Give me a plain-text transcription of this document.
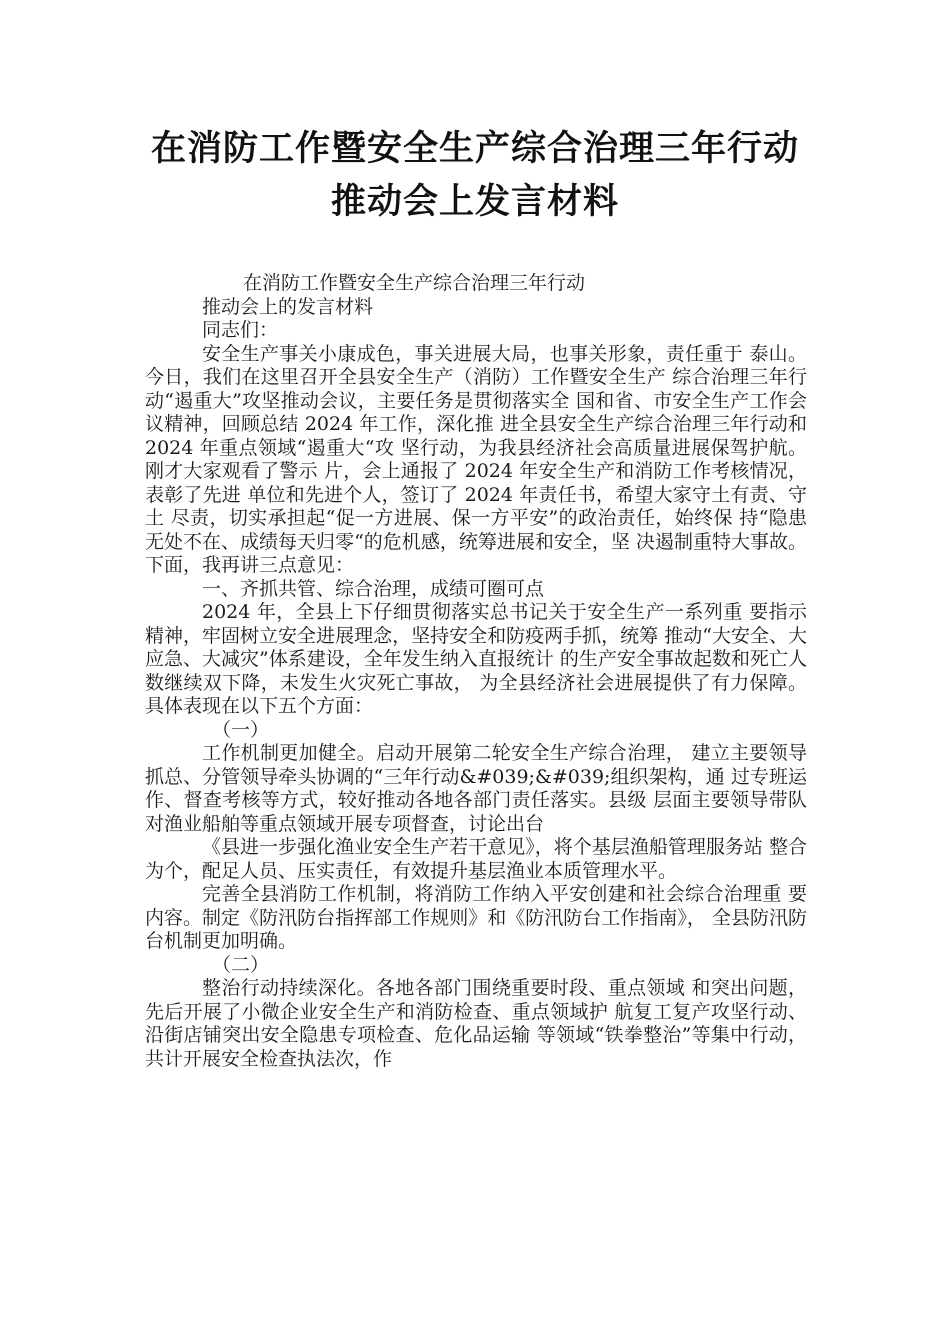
在消防工作暨安全生产综合治理三年行动
推动会上发言材料

在消防工作暨安全生产综合治理三年行动

推动会上的发言材料

同志们：

安全生产事关小康成色，事关进展大局，也事关形象，责任重于 泰山。今日，我们在这里召开全县安全生产（消防）工作暨安全生产 综合治理三年行动“遏重大”攻坚推动会议，主要任务是贯彻落实全 国和省、市安全生产工作会议精神，回顾总结 2024 年工作，深化推 进全县安全生产综合治理三年行动和 2024 年重点领域“遏重大“攻 坚行动，为我县经济社会高质量进展保驾护航。刚才大家观看了警示 片，会上通报了 2024 年安全生产和消防工作考核情况，表彰了先进 单位和先进个人，签订了 2024 年责任书，希望大家守土有责、守土 尽责，切实承担起“促一方进展、保一方平安”的政治责任，始终保 持“隐患无处不在、成绩每天归零“的危机感，统筹进展和安全，坚 决遏制重特大事故。下面，我再讲三点意见：

一、齐抓共管、综合治理，成绩可圈可点

2024 年，全县上下仔细贯彻落实总书记关于安全生产一系列重 要指示精神，牢固树立安全进展理念，坚持安全和防疫两手抓，统筹 推动“大安全、大应急、大减灾”体系建设，全年发生纳入直报统计 的生产安全事故起数和死亡人数继续双下降，未发生火灾死亡事故， 为全县经济社会进展提供了有力保障。具体表现在以下五个方面：

（一）

工作机制更加健全。启动开展第二轮安全生产综合治理， 建立主要领导抓总、分管领导牵头协调的“三年行动&#039;&#039;组织架构，通 过专班运作、督查考核等方式，较好推动各地各部门责任落实。县级 层面主要领导带队对渔业船舶等重点领域开展专项督查，讨论出台

《县进一步强化渔业安全生产若干意见》，将个基层渔船管理服务站 整合为个，配足人员、压实责任，有效提升基层渔业本质管理水平。

完善全县消防工作机制，将消防工作纳入平安创建和社会综合治理重 要内容。制定《防汛防台指挥部工作规则》和《防汛防台工作指南》， 全县防汛防台机制更加明确。

（二）

整治行动持续深化。各地各部门围绕重要时段、重点领域 和突出问题，先后开展了小微企业安全生产和消防检查、重点领域护 航复工复产攻坚行动、沿街店铺突出安全隐患专项检查、危化品运输 等领域“铁拳整治”等集中行动，共计开展安全检查执法次，作
